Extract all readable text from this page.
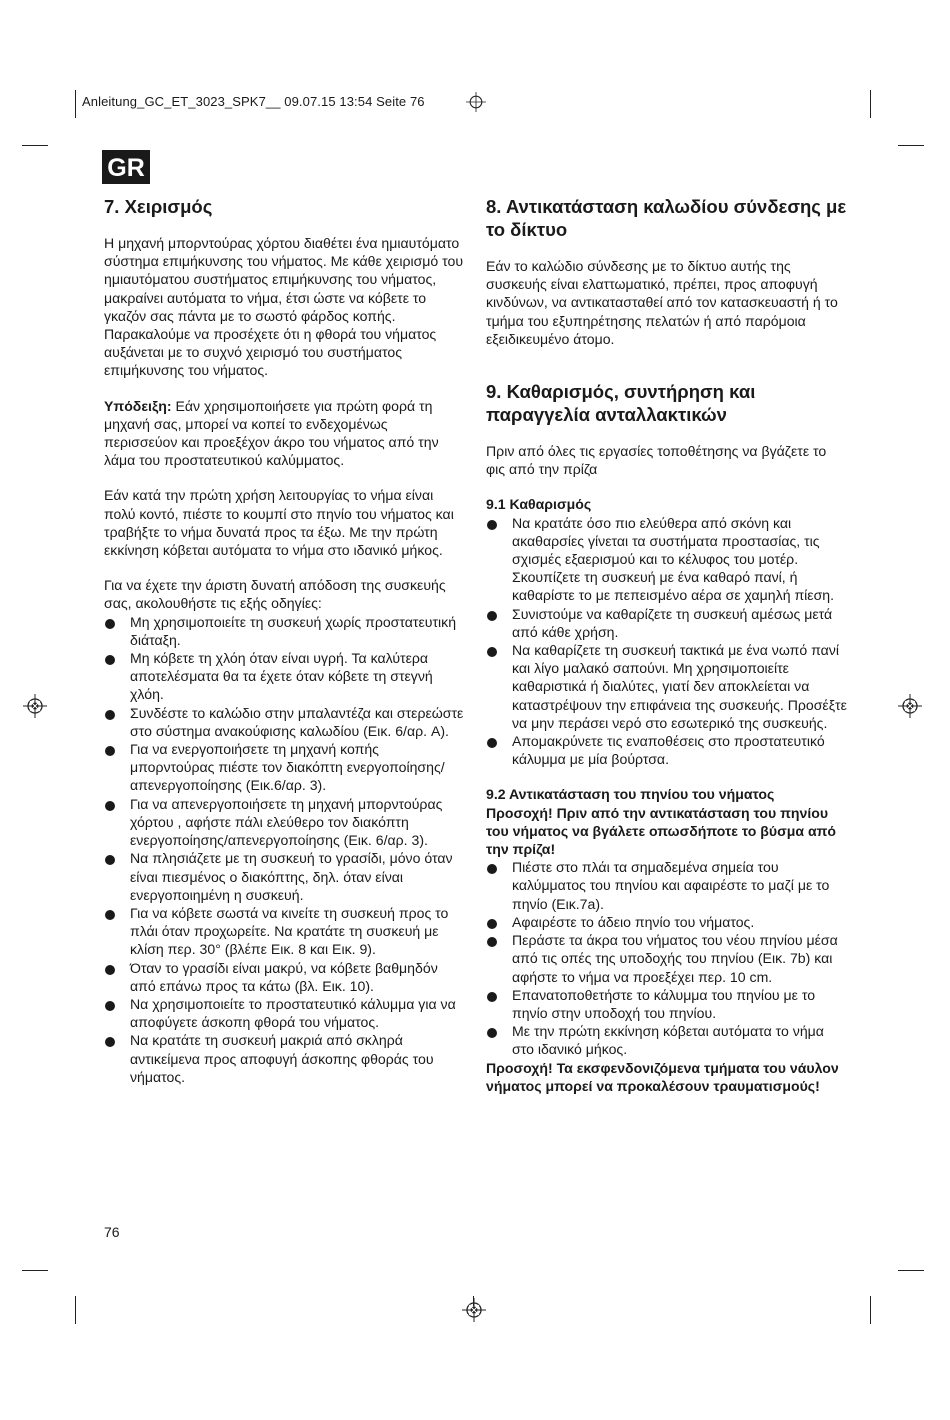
Anleitung_GC_ET_3023_SPK7__ 09.07.15 13:54 Seite 76
GR
7. Χειρισμός

Η μηχανή μπορντούρας χόρτου διαθέτει ένα ημιαυτόματο σύστημα επιμήκυνσης του νήματος. Με κάθε χειρισμό του ημιαυτόματου συστήματος επιμήκυνσης του νήματος, μακραίνει αυτόματα το νήμα, έτσι ώστε να κόβετε το γκαζόν σας πάντα με το σωστό φάρδος κοπής. Παρακαλούμε να προσέχετε ότι η φθορά του νήματος αυξάνεται με το συχνό χειρισμό του συστήματος επιμήκυνσης του νήματος.

Υπόδειξη: Εάν χρησιμοποιήσετε για πρώτη φορά τη μηχανή σας, μπορεί να κοπεί το ενδεχομένως περισσεύον και προεξέχον άκρο του νήματος από την λάμα του προστατευτικού καλύμματος.

Εάν κατά την πρώτη χρήση λειτουργίας το νήμα είναι πολύ κοντό, πιέστε το κουμπί στο πηνίο του νήματος και τραβήξτε το νήμα δυνατά προς τα έξω. Με την πρώτη εκκίνηση κόβεται αυτόματα το νήμα στο ιδανικό μήκος.

Για να έχετε την άριστη δυνατή απόδοση της συσκευής σας, ακολουθήστε τις εξής οδηγίες:

Μη χρησιμοποιείτε τη συσκευή χωρίς προστατευτική διάταξη.
Μη κόβετε τη χλόη όταν είναι υγρή. Τα καλύτερα αποτελέσματα θα τα έχετε όταν κόβετε τη στεγνή χλόη.
Συνδέστε το καλώδιο στην μπαλαντέζα και στερεώστε στο σύστημα ανακούφισης καλωδίου (Εικ. 6/αρ. A).
Για να ενεργοποιήσετε τη μηχανή κοπής μπορντούρας πιέστε τον διακόπτη ενεργοποίησης/απενεργοποίησης (Εικ.6/αρ. 3).
Για να απενεργοποιήσετε τη μηχανή μπορντούρας χόρτου , αφήστε πάλι ελεύθερο τον διακόπτη ενεργοποίησης/απενεργοποίησης (Εικ. 6/αρ. 3).
Να πλησιάζετε με τη συσκευή το γρασίδι, μόνο όταν είναι πιεσμένος ο διακόπτης, δηλ. όταν είναι ενεργοποιημένη η συσκευή.
Για να κόβετε σωστά να κινείτε τη συσκευή προς το πλάι όταν προχωρείτε. Να κρατάτε τη συσκευή με κλίση περ. 30° (βλέπε Εικ. 8 και Εικ. 9).
Όταν το γρασίδι είναι μακρύ, να κόβετε βαθμηδόν από επάνω προς τα κάτω (βλ. Εικ. 10).
Να χρησιμοποιείτε το προστατευτικό κάλυμμα για να αποφύγετε άσκοπη φθορά του νήματος.
Να κρατάτε τη συσκευή μακριά από σκληρά αντικείμενα προς αποφυγή άσκοπης φθοράς του νήματος.
8. Αντικατάσταση καλωδίου σύνδεσης με το δίκτυο

Εάν το καλώδιο σύνδεσης με το δίκτυο αυτής της συσκευής είναι ελαττωματικό, πρέπει, προς αποφυγή κινδύνων, να αντικατασταθεί από τον κατασκευαστή ή το τμήμα του εξυπηρέτησης πελατών ή από παρόμοια εξειδικευμένο άτομο.

9. Καθαρισμός, συντήρηση και παραγγελία ανταλλακτικών

Πριν από όλες τις εργασίες τοποθέτησης να βγάζετε το φις από την πρίζα

9.1 Καθαρισμός

Να κρατάτε όσο πιο ελεύθερα από σκόνη και ακαθαρσίες γίνεται τα συστήματα προστασίας, τις σχισμές εξαερισμού και το κέλυφος του μοτέρ. Σκουπίζετε τη συσκευή με ένα καθαρό πανί, ή καθαρίστε το με πεπεισμένο αέρα σε χαμηλή πίεση.
Συνιστούμε να καθαρίζετε τη συσκευή αμέσως μετά από κάθε χρήση.
Να καθαρίζετε τη συσκευή τακτικά με ένα νωπό πανί και λίγο μαλακό σαπούνι. Μη χρησιμοποιείτε καθαριστικά ή διαλύτες, γιατί δεν αποκλείεται να καταστρέψουν την επιφάνεια της συσκευής. Προσέξτε να μην περάσει νερό στο εσωτερικό της συσκευής.
Απομακρύνετε τις εναποθέσεις στο προστατευτικό κάλυμμα με μία βούρτσα.

9.2 Αντικατάσταση του πηνίου του νήματος

Προσοχή! Πριν από την αντικατάσταση του πηνίου του νήματος να βγάλετε οπωσδήποτε το βύσμα από την πρίζα!

Πιέστε στο πλάι τα σημαδεμένα σημεία του καλύμματος του πηνίου και αφαιρέστε το μαζί με το πηνίο (Εικ.7a).
Αφαιρέστε το άδειο πηνίο του νήματος.
Περάστε τα άκρα του νήματος του νέου πηνίου μέσα από τις οπές της υποδοχής του πηνίου (Εικ. 7b) και αφήστε το νήμα να προεξέχει περ. 10 cm.
Επανατοποθετήστε το κάλυμμα του πηνίου με το πηνίο στην υποδοχή του πηνίου.
Με την πρώτη εκκίνηση κόβεται αυτόματα το νήμα στο ιδανικό μήκος.

Προσοχή! Τα εκσφενδονιζόμενα τμήματα του νάυλον νήματος μπορεί να προκαλέσουν τραυματισμούς!

76
